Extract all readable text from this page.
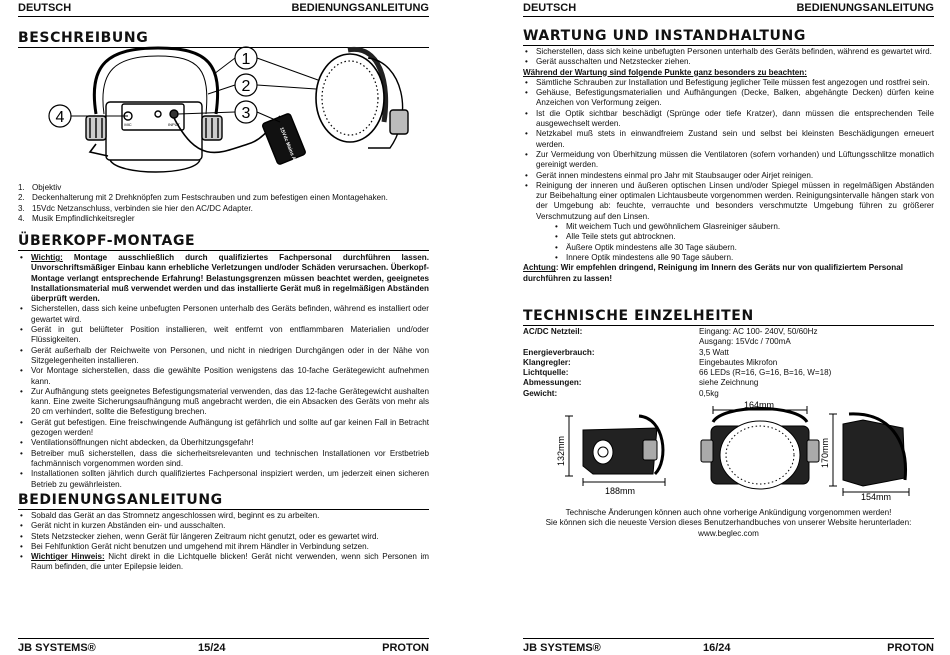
DEUTSCH	BEDIENUNGSANLEITUNG
BESCHREIBUNG
4
1
2
3
MIC	INPUT
15Vdc Mains Adapter
1. Objektiv
2. Deckenhalterung mit 2 Drehknöpfen zum Festschrauben und zum befestigen einen Montagehaken.
3. 15Vdc Netzanschluss, verbinden sie hier den AC/DC Adapter.
4. Musik Empfindlichkeitsregler
ÜBERKOPF-MONTAGE
• Wichtig: Montage ausschließlich durch qualifiziertes Fachpersonal durchführen lassen. Unvorschriftsmäßiger Einbau kann erhebliche Verletzungen und/oder Schäden verursachen. Überkopf-Montage verlangt entsprechende Erfahrung! Belastungsgrenzen müssen beachtet werden, geeignetes Installationsmaterial muß verwendet werden und das installierte Gerät muß in regelmäßigen Abständen überprüft werden.
• Sicherstellen, dass sich keine unbefugten Personen unterhalb des Geräts befinden, während es installiert oder gewartet wird.
• Gerät in gut belüfteter Position installieren, weit entfernt von entflammbaren Materialien und/oder Flüssigkeiten.
• Gerät außerhalb der Reichweite von Personen, und nicht in niedrigen Durchgängen oder in der Nähe von Sitzgelegenheiten installieren.
• Vor Montage sicherstellen, dass die gewählte Position wenigstens das 10-fache Gerätegewicht aufnehmen kann.
• Zur Aufhängung stets geeignetes Befestigungsmaterial verwenden, das das 12-fache Gerätegewicht aushalten kann. Eine zweite Sicherungsaufhängung muß angebracht werden, die ein Absacken des Geräts von mehr als 20 cm verhindert, sollte die Befestigung brechen.
• Gerät gut befestigen. Eine freischwingende Aufhängung ist gefährlich und sollte auf gar keinen Fall in Betracht gezogen werden!
• Ventilationsöffnungen nicht abdecken, da Überhitzungsgefahr!
• Betreiber muß sicherstellen, dass die sicherheitsrelevanten und technischen Installationen vor Erstbetrieb fachmännisch vorgenommen worden sind.
• Installationen sollten jährlich durch qualifiziertes Fachpersonal inspiziert werden, um jederzeit einen sicheren Betrieb zu gewährleisten.
BEDIENUNGSANLEITUNG
• Sobald das Gerät an das Stromnetz angeschlossen wird, beginnt es zu arbeiten.
• Gerät nicht in kurzen Abständen ein- und ausschalten.
• Stets Netzstecker ziehen, wenn Gerät für längeren Zeitraum nicht genutzt, oder es gewartet wird.
• Bei Fehlfunktion Gerät nicht benutzen und umgehend mit ihrem Händler in Verbindung setzen.
• Wichtiger Hinweis: Nicht direkt in die Lichtquelle blicken! Gerät nicht verwenden, wenn sich Personen im Raum befinden, die unter Epilepsie leiden.
JB SYSTEMS®	15/24	PROTON
DEUTSCH	BEDIENUNGSANLEITUNG
WARTUNG UND INSTANDHALTUNG
• Sicherstellen, dass sich keine unbefugten Personen unterhalb des Geräts befinden, während es gewartet wird.
• Gerät ausschalten und Netzstecker ziehen.
Während der Wartung sind folgende Punkte ganz besonders zu beachten:
• Sämtliche Schrauben zur Installation und Befestigung jeglicher Teile müssen fest angezogen und rostfrei sein.
• Gehäuse, Befestigungsmaterialien und Aufhängungen (Decke, Balken, abgehängte Decken) dürfen keine Anzeichen von Verformung zeigen.
• Ist die Optik sichtbar beschädigt (Sprünge oder tiefe Kratzer), dann müssen die entsprechenden Teile ausgewechselt werden.
• Netzkabel muß stets in einwandfreiem Zustand sein und selbst bei kleinsten Beschädigungen erneuert werden.
• Zur Vermeidung von Überhitzung müssen die Ventilatoren (sofern vorhanden) und Lüftungsschlitze monatlich gereinigt werden.
• Gerät innen mindestens einmal pro Jahr mit Staubsauger oder Airjet reinigen.
• Reinigung der inneren und äußeren optischen Linsen und/oder Spiegel müssen in regelmäßigen Abständen zur Beibehaltung einer optimalen Lichtausbeute vorgenommen werden. Reinigungsintervalle hängen stark von der Umgebung ab: feuchte, verrauchte und besonders verschmutzte Umgebung führen zu größerer Verschmutzung auf den Linsen.
• Mit weichem Tuch und gewöhnlichem Glasreiniger säubern.
• Alle Teile stets gut abtrocknen.
• Äußere Optik mindestens alle 30 Tage säubern.
• Innere Optik mindestens alle 90 Tage säubern.
Achtung: Wir empfehlen dringend, Reinigung im Innern des Geräts nur von qualifiziertem Personal durchführen zu lassen!
TECHNISCHE EINZELHEITEN
AC/DC Netzteil:	Eingang: AC 100- 240V, 50/60Hz
	Ausgang: 15Vdc / 700mA
Energieverbrauch:	3,5 Watt
Klangregler:	Eingebautes Mikrofon
Lichtquelle:	66 LEDs (R=16, G=16, B=16, W=18)
Abmessungen:	siehe Zeichnung
Gewicht:	0,5kg
132mm
188mm
164mm
170mm
154mm
Technische Änderungen können auch ohne vorherige Ankündigung vorgenommen werden!
Sie können sich die neueste Version dieses Benutzerhandbuches von unserer Website herunterladen:
www.beglec.com
JB SYSTEMS®	16/24	PROTON
